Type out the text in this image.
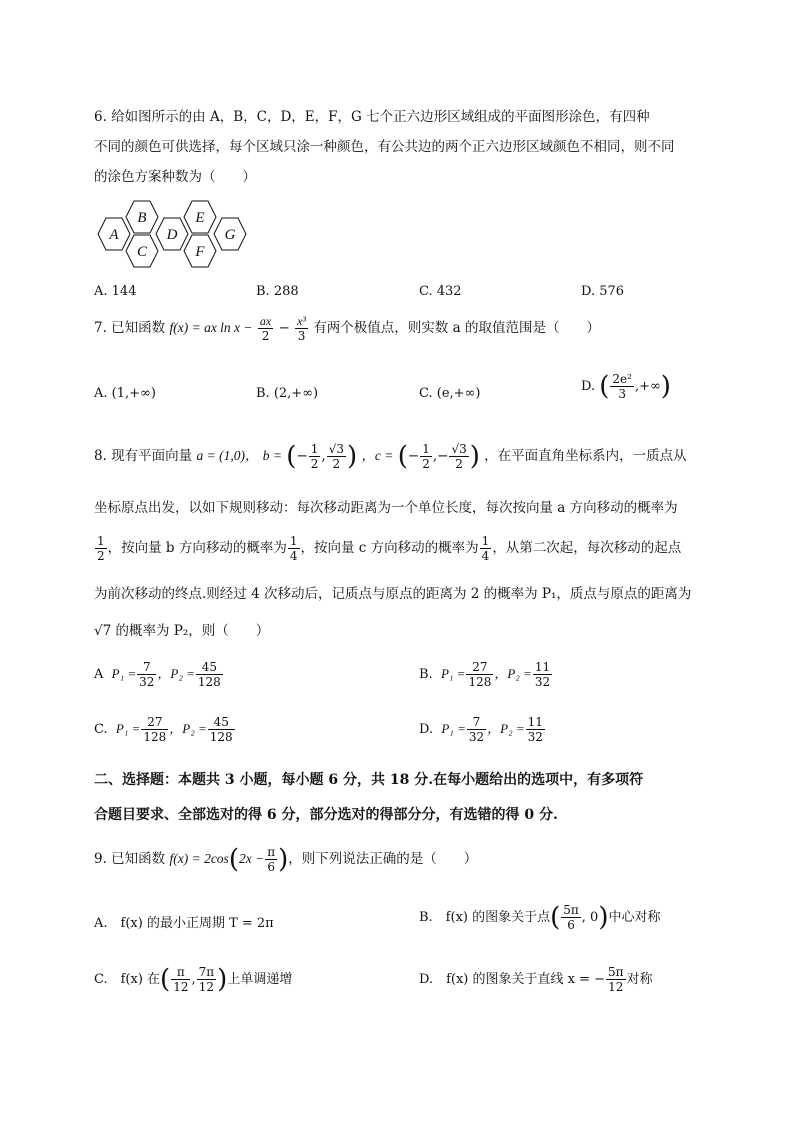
6. 给如图所示的由 A，B，C，D，E，F，G 七个正六边形区域组成的平面图形涂色，有四种
不同的颜色可供选择，每个区域只涂一种颜色，有公共边的两个正六边形区域颜色不相同，则不同
的涂色方案种数为（　　）
A
B
C
D
E
F
G
A. 144	B. 288	C. 432	D. 576
7. 已知函数 f(x) = ax $\ln x - \frac{ax}{2} - \frac{\text{x³}}{3}$ 有两个极值点，则实数 a 的取值范围是（　　）
A. (1,+∞)	B. (2,+∞)	C. (e,+∞)	D. ( $\frac{\text{2e²}}{3}$ ,+∞)
8. 现有平面向量 a = (1,0)， b = (− $\frac{1}{2}$ , $\frac{√3}{2}$ ) ，c = (− $\frac{1}{2}$ ,− $\frac{√3}{2}$ ) ，在平面直角坐标系内，一质点从
坐标原点出发，以如下规则移动：每次移动距离为一个单位长度，每次按向量 a 方向移动的概率为
$\frac{1}{2}$ ，按向量 b 方向移动的概率为 $\frac{1}{4}$ ，按向量 c 方向移动的概率为 $\frac{1}{4}$ ，从第二次起，每次移动的起点
为前次移动的终点.则经过 4 次移动后，记质点与原点的距离为 2 的概率为 P₁，质点与原点的距离为
√7 的概率为 P₂，则（　　）
A $P_1 = \frac{7}{32}$ ，$P_2 = \frac{45}{128}$	B. $P_1 = \frac{27}{128}$ ，$P_2 = \frac{11}{32}$
C. $P_1 = \frac{27}{128}$ ，$P_2 = \frac{45}{128}$	D. $P_1 = \frac{7}{32}$ ，$P_2 = \frac{11}{32}$
二、选择题：本题共 3 小题，每小题 6 分，共 18 分.在每小题给出的选项中，有多项符
合题目要求、全部选对的得 6 分，部分选对的得部分分，有选错的得 0 分.
9. 已知函数 $f(x) = 2\cos(2x - \frac{\pi}{6}$ )，则下列说法正确的是（　　）
A.　f(x) 的最小正周期 T = 2π	B.　f(x) 的图象关于点( $\frac{5\pi}{6}$ , 0)中心对称
C.　f(x) 在( $\frac{\pi}{12}$ , $\frac{7\pi}{12}$ )上单调递增	D.　f(x) 的图象关于直线 x = − $\frac{5\pi}{12}$ 对称
